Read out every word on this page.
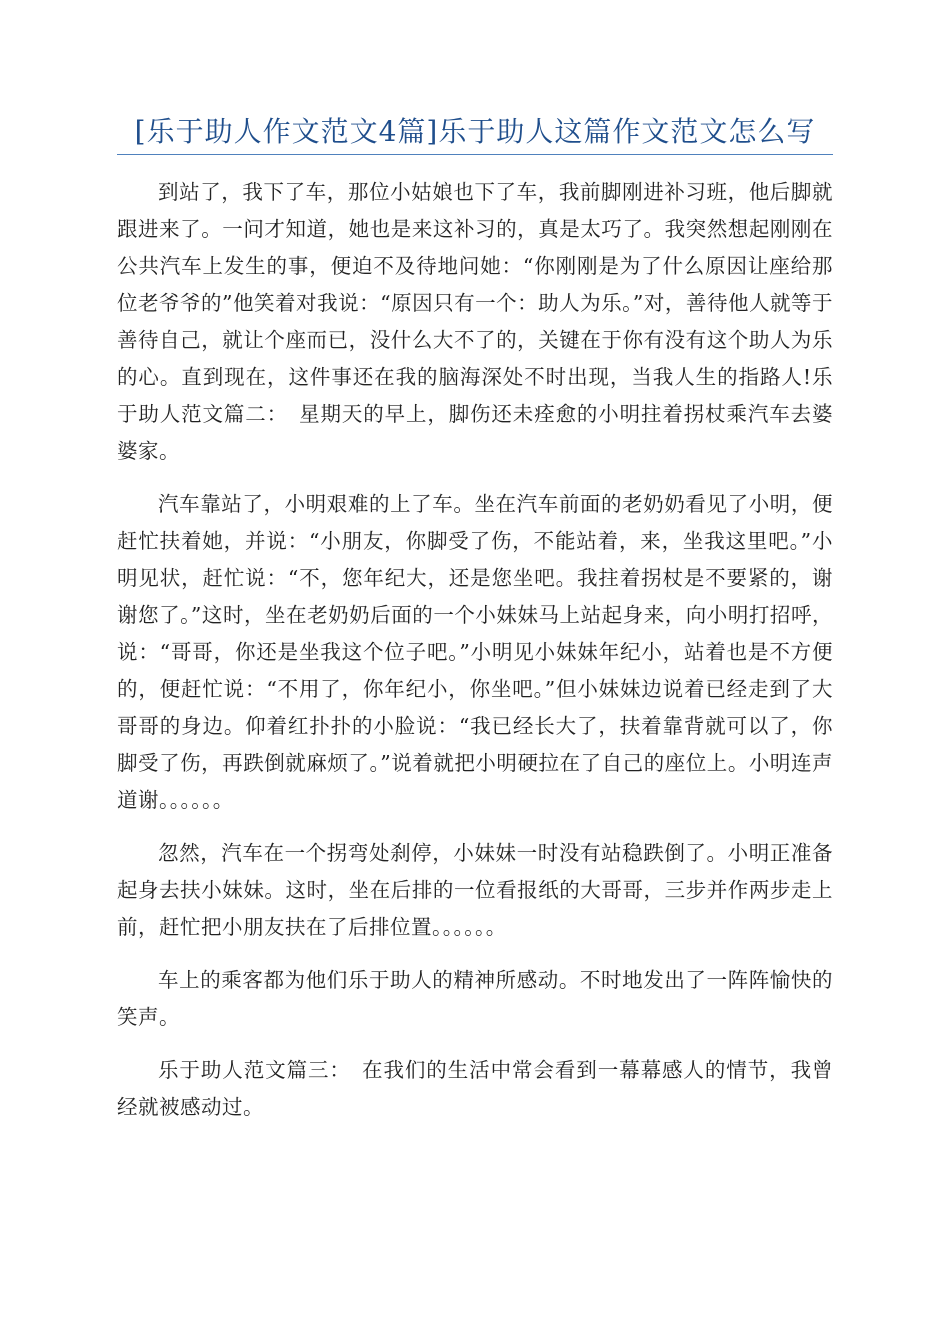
[乐于助人作文范文4篇]乐于助人这篇作文范文怎么写

到站了，我下了车，那位小姑娘也下了车，我前脚刚进补习班，他后脚就跟进来了。一问才知道，她也是来这补习的，真是太巧了。我突然想起刚刚在公共汽车上发生的事，便迫不及待地问她：“你刚刚是为了什么原因让座给那位老爷爷的”他笑着对我说：“原因只有一个：助人为乐。”对，善待他人就等于善待自己，就让个座而已，没什么大不了的，关键在于你有没有这个助人为乐的心。直到现在，这件事还在我的脑海深处不时出现，当我人生的指路人!乐于助人范文篇二：　星期天的早上，脚伤还未痊愈的小明拄着拐杖乘汽车去婆婆家。

汽车靠站了，小明艰难的上了车。坐在汽车前面的老奶奶看见了小明，便赶忙扶着她，并说：“小朋友，你脚受了伤，不能站着，来，坐我这里吧。”小明见状，赶忙说：“不，您年纪大，还是您坐吧。我拄着拐杖是不要紧的，谢谢您了。”这时，坐在老奶奶后面的一个小妹妹马上站起身来，向小明打招呼，说：“哥哥，你还是坐我这个位子吧。”小明见小妹妹年纪小，站着也是不方便的，便赶忙说：“不用了，你年纪小，你坐吧。”但小妹妹边说着已经走到了大哥哥的身边。仰着红扑扑的小脸说：“我已经长大了，扶着靠背就可以了，你脚受了伤，再跌倒就麻烦了。”说着就把小明硬拉在了自己的座位上。小明连声道谢。。。。。。

忽然，汽车在一个拐弯处刹停，小妹妹一时没有站稳跌倒了。小明正准备起身去扶小妹妹。这时，坐在后排的一位看报纸的大哥哥，三步并作两步走上前，赶忙把小朋友扶在了后排位置。。。。。。

车上的乘客都为他们乐于助人的精神所感动。不时地发出了一阵阵愉快的笑声。

乐于助人范文篇三：　在我们的生活中常会看到一幕幕感人的情节，我曾经就被感动过。
